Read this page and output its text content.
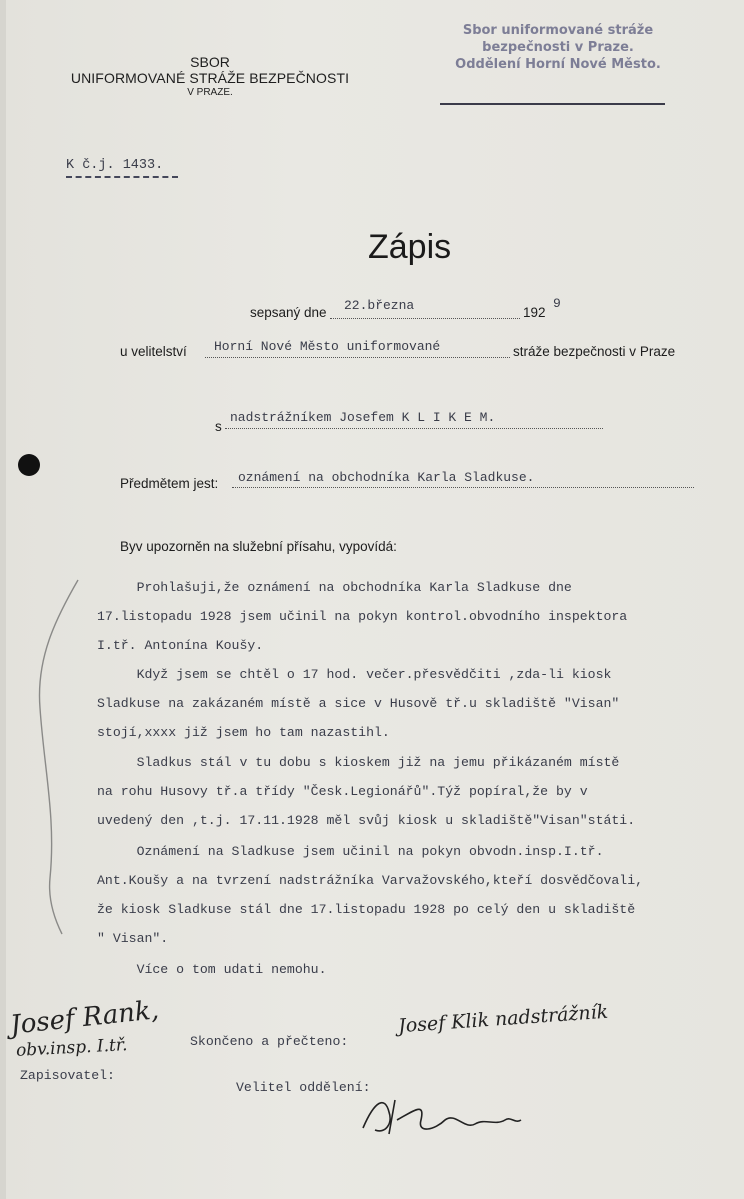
SBOR
UNIFORMOVANÉ STRÁŽE BEZPEČNOSTI
V PRAZE.
Sbor uniformované stráže
bezpečnosti v Praze.
Oddělení Horní Nové Město.
K č.j. 1433.
Zápis
sepsaný dne 22.března	192
9
u velitelství Horní Nové Město uniformované	stráže bezpečnosti v Praze
s
nadstrážníkem Josefem K L I K E M.
Předmětem jest: oznámení na obchodníka Karla Sladkuse.
Byv upozorněn na služební přísahu, vypovídá:
Prohlašuji,že oznámení na obchodníka Karla Sladkuse dne
17.listopadu 1928 jsem učinil na pokyn kontrol.obvodního inspektora
I.tř. Antonína Koušy.
Když jsem se chtěl o 17 hod. večer.přesvědčiti ,zda-li kiosk
Sladkuse na zakázaném místě a sice v Husově tř.u skladiště "Visan"
stojí,xxxx již jsem ho tam nazastihl.
Sladkus stál v tu dobu s kioskem již na jemu přikázaném místě
na rohu Husovy tř.a třídy "Česk.Legionářů".Týž popíral,že by v
uvedený den ,t.j. 17.11.1928 měl svůj kiosk u skladiště"Visan"státi.
Oznámení na Sladkuse jsem učinil na pokyn obvodn.insp.I.tř.
Ant.Koušy a na tvrzení nadstrážníka Varvažovského,kteří dosvědčovali,
že kiosk Sladkuse stál dne 17.listopadu 1928 po celý den u skladiště
" Visan".
Více o tom udati nemohu.
Skončeno a přečteno:
Zapisovatel:
Velitel oddělení:
Josef Rank,
obv.insp. I.tř.
Josef Klik nadstrážník
